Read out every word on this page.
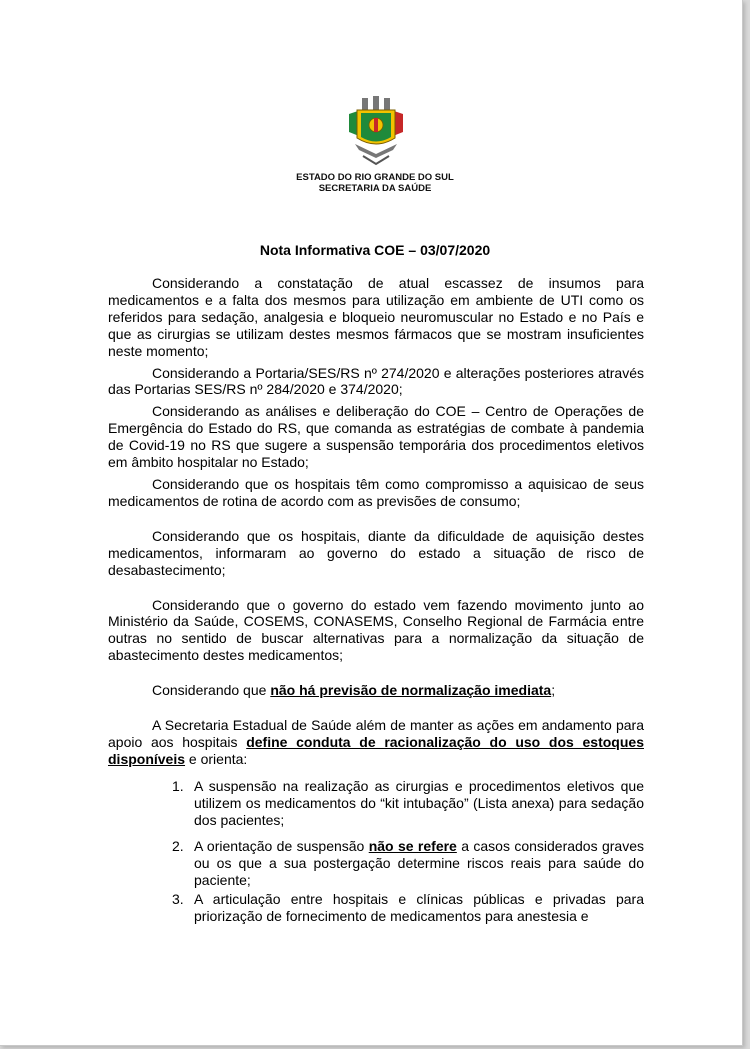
ESTADO DO RIO GRANDE DO SUL
SECRETARIA DA SAÚDE
Nota Informativa COE – 03/07/2020

Considerando a constatação de atual escassez de insumos para medicamentos e a falta dos mesmos para utilização em ambiente de UTI como os referidos para sedação, analgesia e bloqueio neuromuscular no Estado e no País e que as cirurgias se utilizam destes mesmos fármacos que se mostram insuficientes neste momento;

Considerando a Portaria/SES/RS nº 274/2020 e alterações posteriores através das Portarias SES/RS nº 284/2020 e 374/2020;

Considerando as análises e deliberação do COE – Centro de Operações de Emergência do Estado do RS, que comanda as estratégias de combate à pandemia de Covid-19 no RS que sugere a suspensão temporária dos procedimentos eletivos em âmbito hospitalar no Estado;

Considerando que os hospitais têm como compromisso a aquisicao de seus medicamentos de rotina de acordo com as previsões de consumo;

Considerando que os hospitais, diante da dificuldade de aquisição destes medicamentos, informaram ao governo do estado a situação de risco de desabastecimento;

Considerando que o governo do estado vem fazendo movimento junto ao Ministério da Saúde, COSEMS, CONASEMS, Conselho Regional de Farmácia entre outras no sentido de buscar alternativas para a normalização da situação de abastecimento destes medicamentos;

Considerando que não há previsão de normalização imediata;

A Secretaria Estadual de Saúde além de manter as ações em andamento para apoio aos hospitais define conduta de racionalização do uso dos estoques disponíveis e orienta:

1. A suspensão na realização as cirurgias e procedimentos eletivos que utilizem os medicamentos do “kit intubação” (Lista anexa) para sedação dos pacientes;
2. A orientação de suspensão não se refere a casos considerados graves ou os que a sua postergação determine riscos reais para saúde do paciente;
3. A articulação entre hospitais e clínicas públicas e privadas para priorização de fornecimento de medicamentos para anestesia e
